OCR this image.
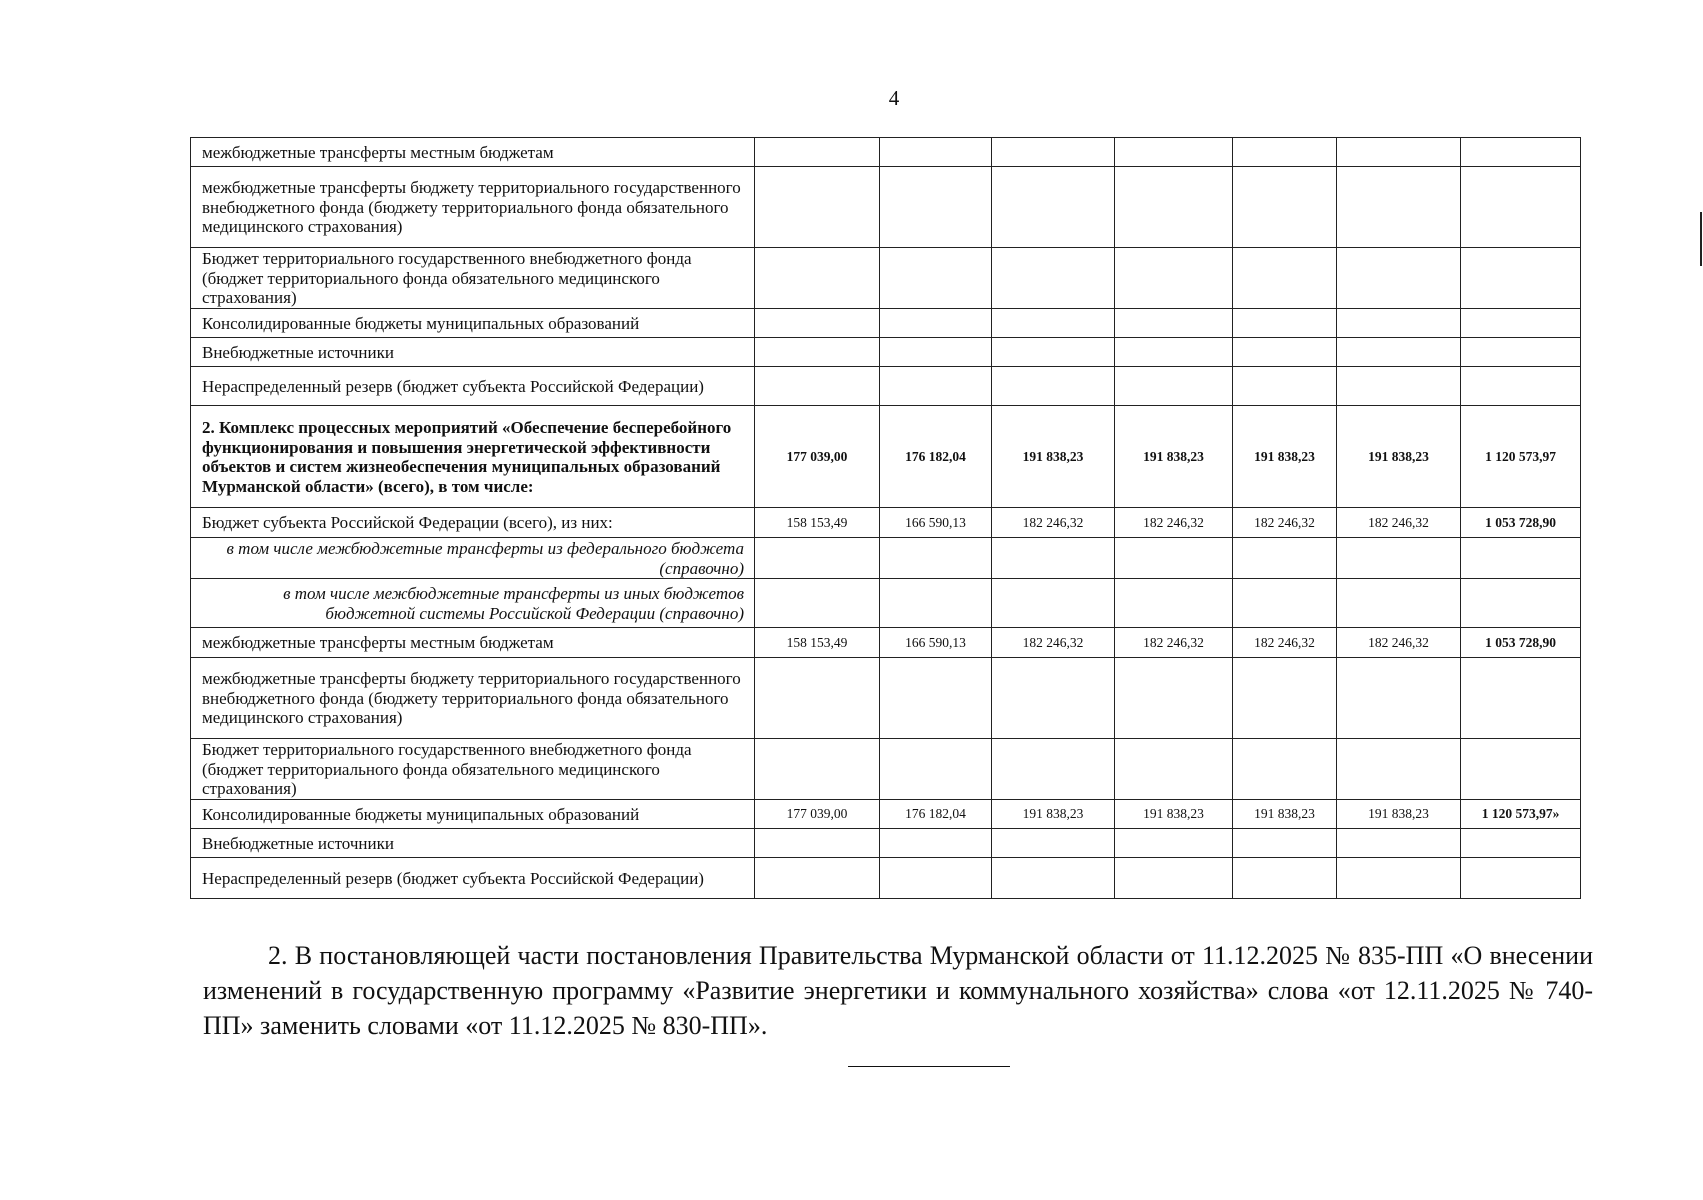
4
межбюджетные трансферты местным бюджетам							
межбюджетные трансферты бюджету территориального государственного внебюджетного фонда (бюджету территориального фонда обязательного медицинского страхования)							
Бюджет территориального государственного внебюджетного фонда (бюджет территориального фонда обязательного медицинского страхования)							
Консолидированные бюджеты муниципальных образований							
Внебюджетные источники							
Нераспределенный резерв (бюджет субъекта Российской Федерации)							
2. Комплекс процессных мероприятий «Обеспечение бесперебойного функционирования и повышения энергетической эффективности объектов и систем жизнеобеспечения муниципальных образований Мурманской области» (всего), в том числе:	177 039,00	176 182,04	191 838,23	191 838,23	191 838,23	191 838,23	1 120 573,97
Бюджет субъекта Российской Федерации (всего), из них:	158 153,49	166 590,13	182 246,32	182 246,32	182 246,32	182 246,32	1 053 728,90
в том числе межбюджетные трансферты из федерального бюджета (справочно)							
в том числе межбюджетные трансферты из иных бюджетов бюджетной системы Российской Федерации (справочно)							
межбюджетные трансферты местным бюджетам	158 153,49	166 590,13	182 246,32	182 246,32	182 246,32	182 246,32	1 053 728,90
межбюджетные трансферты бюджету территориального государственного внебюджетного фонда (бюджету территориального фонда обязательного медицинского страхования)							
Бюджет территориального государственного внебюджетного фонда (бюджет территориального фонда обязательного медицинского страхования)							
Консолидированные бюджеты муниципальных образований	177 039,00	176 182,04	191 838,23	191 838,23	191 838,23	191 838,23	1 120 573,97»
Внебюджетные источники							
Нераспределенный резерв (бюджет субъекта Российской Федерации)							

2. В постановляющей части постановления Правительства Мурманской области от 11.12.2025 № 835-ПП «О внесении изменений в государственную программу «Развитие энергетики и коммунального хозяйства» слова «от 12.11.2025 № 740-ПП» заменить словами «от 11.12.2025 № 830-ПП».
